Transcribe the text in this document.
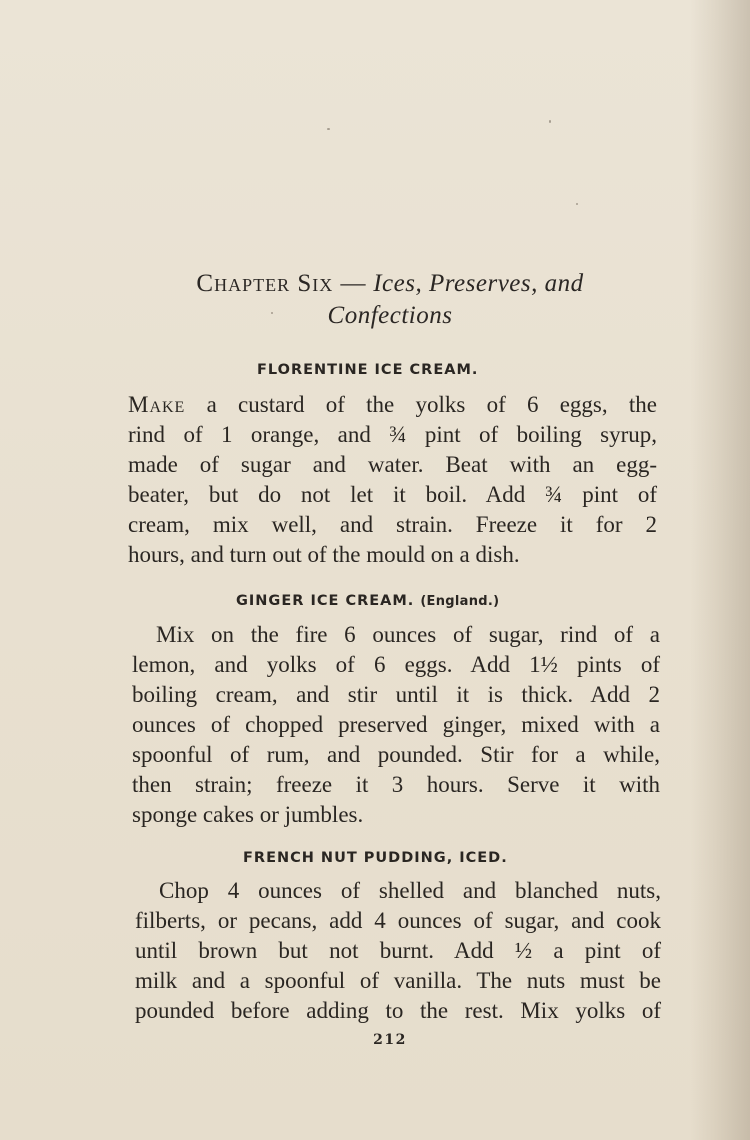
Chapter Six — Ices, Preserves, and
Confections
FLORENTINE ICE CREAM.
Make a custard of the yolks of 6 eggs, the
rind of 1 orange, and ¾ pint of boiling syrup,
made of sugar and water. Beat with an egg-
beater, but do not let it boil. Add ¾ pint of
cream, mix well, and strain. Freeze it for 2
hours, and turn out of the mould on a dish.
GINGER ICE CREAM. (England.)
Mix on the fire 6 ounces of sugar, rind of a
lemon, and yolks of 6 eggs. Add 1½ pints of
boiling cream, and stir until it is thick. Add 2
ounces of chopped preserved ginger, mixed with a
spoonful of rum, and pounded. Stir for a while,
then strain; freeze it 3 hours. Serve it with
sponge cakes or jumbles.
FRENCH NUT PUDDING, ICED.
Chop 4 ounces of shelled and blanched nuts,
filberts, or pecans, add 4 ounces of sugar, and cook
until brown but not burnt. Add ½ a pint of
milk and a spoonful of vanilla. The nuts must be
pounded before adding to the rest. Mix yolks of
212
